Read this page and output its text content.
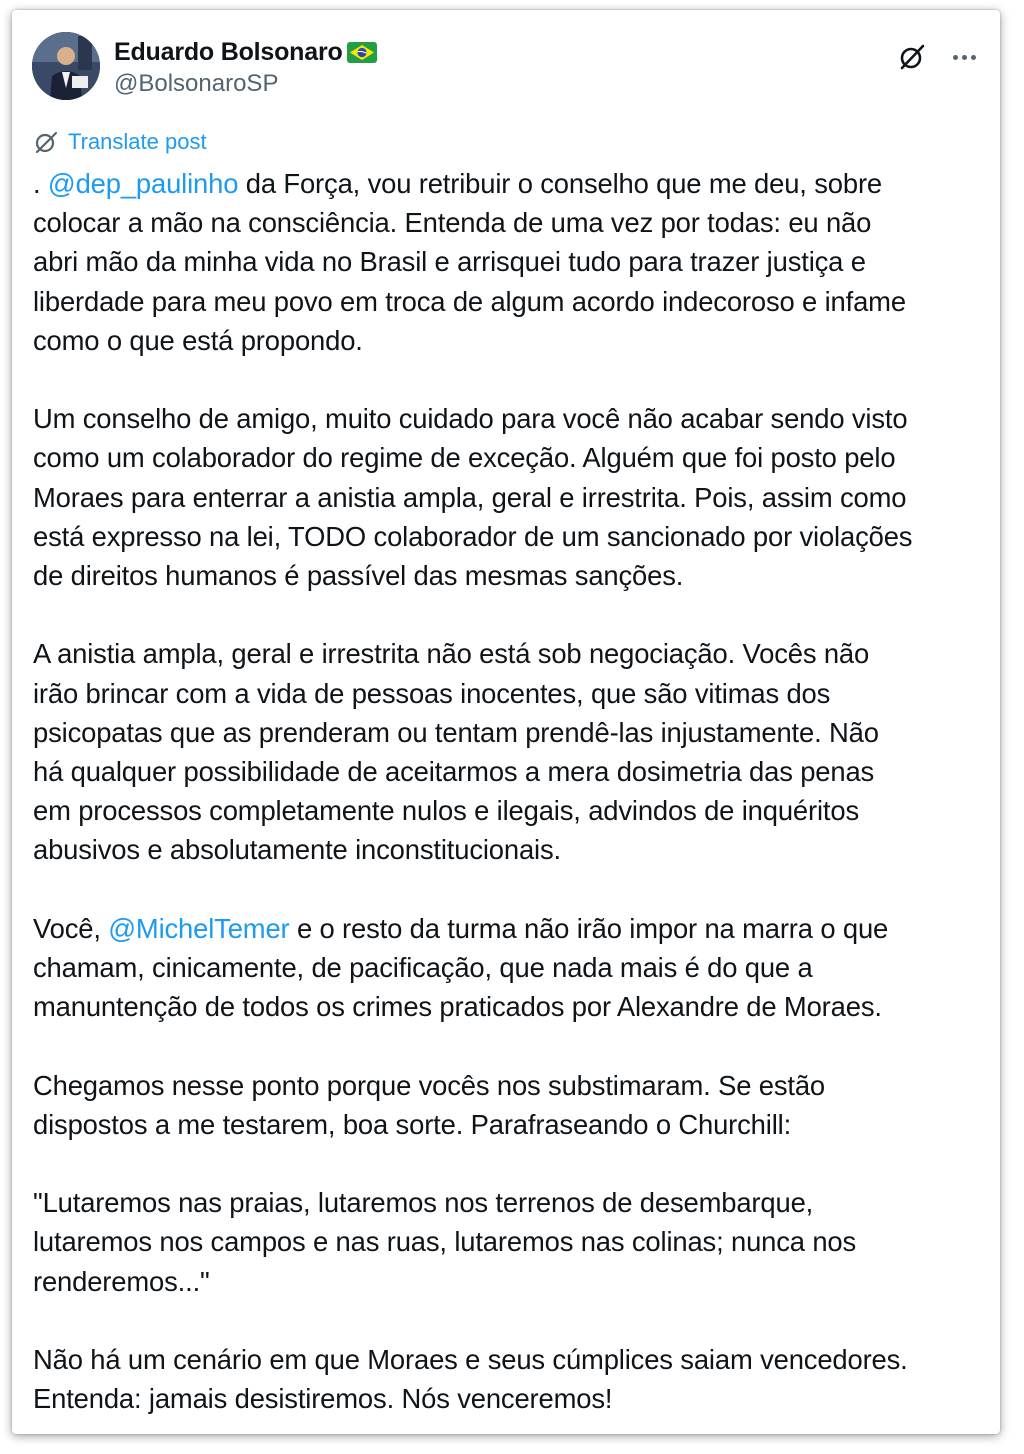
Eduardo Bolsonaro
@BolsonaroSP
Translate post

. @dep_paulinho da Força, vou retribuir o conselho que me deu, sobre
colocar a mão na consciência. Entenda de uma vez por todas: eu não
abri mão da minha vida no Brasil e arrisquei tudo para trazer justiça e
liberdade para meu povo em troca de algum acordo indecoroso e infame
como o que está propondo.

Um conselho de amigo, muito cuidado para você não acabar sendo visto
como um colaborador do regime de exceção. Alguém que foi posto pelo
Moraes para enterrar a anistia ampla, geral e irrestrita. Pois, assim como
está expresso na lei, TODO colaborador de um sancionado por violações
de direitos humanos é passível das mesmas sanções.

A anistia ampla, geral e irrestrita não está sob negociação. Vocês não
irão brincar com a vida de pessoas inocentes, que são vitimas dos
psicopatas que as prenderam ou tentam prendê-las injustamente. Não
há qualquer possibilidade de aceitarmos a mera dosimetria das penas
em processos completamente nulos e ilegais, advindos de inquéritos
abusivos e absolutamente inconstitucionais.

Você, @MichelTemer e o resto da turma não irão impor na marra o que
chamam, cinicamente, de pacificação, que nada mais é do que a
manuntenção de todos os crimes praticados por Alexandre de Moraes.

Chegamos nesse ponto porque vocês nos substimaram. Se estão
dispostos a me testarem, boa sorte. Parafraseando o Churchill:

"Lutaremos nas praias, lutaremos nos terrenos de desembarque,
lutaremos nos campos e nas ruas, lutaremos nas colinas; nunca nos
renderemos..."

Não há um cenário em que Moraes e seus cúmplices saiam vencedores.
Entenda: jamais desistiremos. Nós venceremos!
